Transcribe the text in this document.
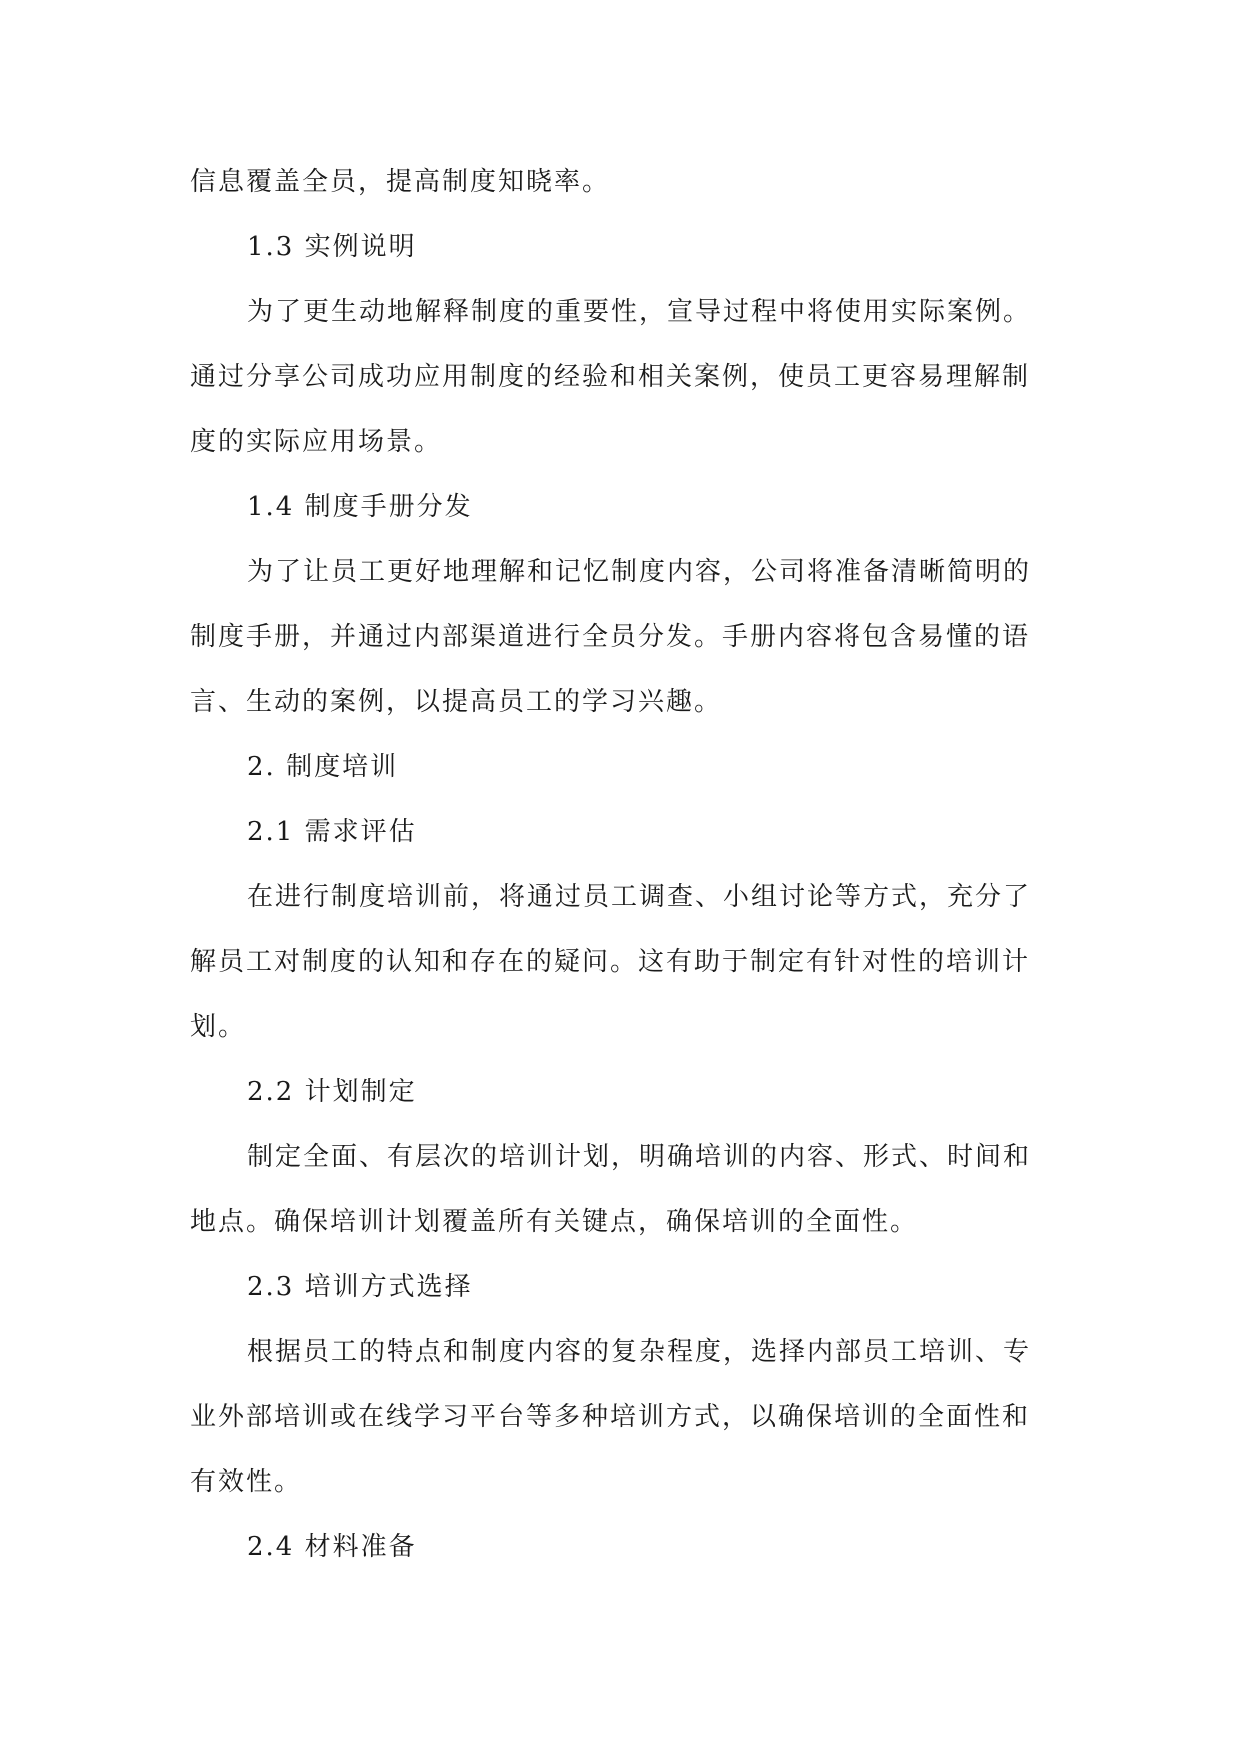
信息覆盖全员，提高制度知晓率。
1.3 实例说明
为了更生动地解释制度的重要性，宣导过程中将使用实际案例。
通过分享公司成功应用制度的经验和相关案例，使员工更容易理解制
度的实际应用场景。
1.4 制度手册分发
为了让员工更好地理解和记忆制度内容，公司将准备清晰简明的
制度手册，并通过内部渠道进行全员分发。手册内容将包含易懂的语
言、生动的案例，以提高员工的学习兴趣。
2. 制度培训
2.1 需求评估
在进行制度培训前，将通过员工调查、小组讨论等方式，充分了
解员工对制度的认知和存在的疑问。这有助于制定有针对性的培训计
划。
2.2 计划制定
制定全面、有层次的培训计划，明确培训的内容、形式、时间和
地点。确保培训计划覆盖所有关键点，确保培训的全面性。
2.3 培训方式选择
根据员工的特点和制度内容的复杂程度，选择内部员工培训、专
业外部培训或在线学习平台等多种培训方式，以确保培训的全面性和
有效性。
2.4 材料准备
